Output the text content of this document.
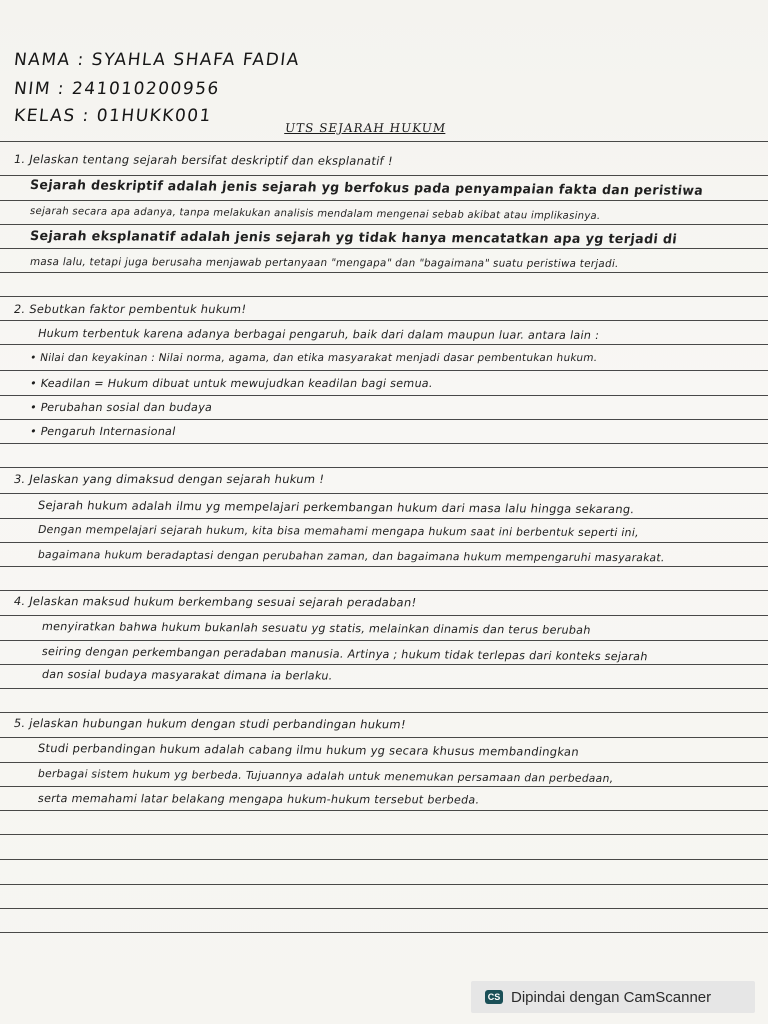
NAMA : SYAHLA SHAFA FADIA
NIM : 241010200956
KELAS : 01HUKK001
UTS SEJARAH HUKUM
1. Jelaskan tentang sejarah bersifat deskriptif dan eksplanatif !
Sejarah deskriptif adalah jenis sejarah yg berfokus pada penyampaian fakta dan peristiwa
sejarah secara apa adanya, tanpa melakukan analisis mendalam mengenai sebab akibat atau implikasinya.
Sejarah eksplanatif adalah jenis sejarah yg tidak hanya mencatatkan apa yg terjadi di
masa lalu, tetapi juga berusaha menjawab pertanyaan "mengapa" dan "bagaimana" suatu peristiwa terjadi.
2. Sebutkan faktor pembentuk hukum!
Hukum terbentuk karena adanya berbagai pengaruh, baik dari dalam maupun luar. antara lain :
• Nilai dan keyakinan : Nilai norma, agama, dan etika masyarakat menjadi dasar pembentukan hukum.
• Keadilan = Hukum dibuat untuk mewujudkan keadilan bagi semua.
• Perubahan sosial dan budaya
• Pengaruh Internasional
3. Jelaskan yang dimaksud dengan sejarah hukum !
Sejarah hukum adalah ilmu yg mempelajari perkembangan hukum dari masa lalu hingga sekarang.
Dengan mempelajari sejarah hukum, kita bisa memahami mengapa hukum saat ini berbentuk seperti ini,
bagaimana hukum beradaptasi dengan perubahan zaman, dan bagaimana hukum mempengaruhi masyarakat.
4. Jelaskan maksud hukum berkembang sesuai sejarah peradaban!
menyiratkan bahwa hukum bukanlah sesuatu yg statis, melainkan dinamis dan terus berubah
seiring dengan perkembangan peradaban manusia. Artinya ; hukum tidak terlepas dari konteks sejarah
dan sosial budaya masyarakat dimana ia berlaku.
5. jelaskan hubungan hukum dengan studi perbandingan hukum!
Studi perbandingan hukum adalah cabang ilmu hukum yg secara khusus membandingkan
berbagai sistem hukum yg berbeda. Tujuannya adalah untuk menemukan persamaan dan perbedaan,
serta memahami latar belakang mengapa hukum-hukum tersebut berbeda.
CS Dipindai dengan CamScanner
